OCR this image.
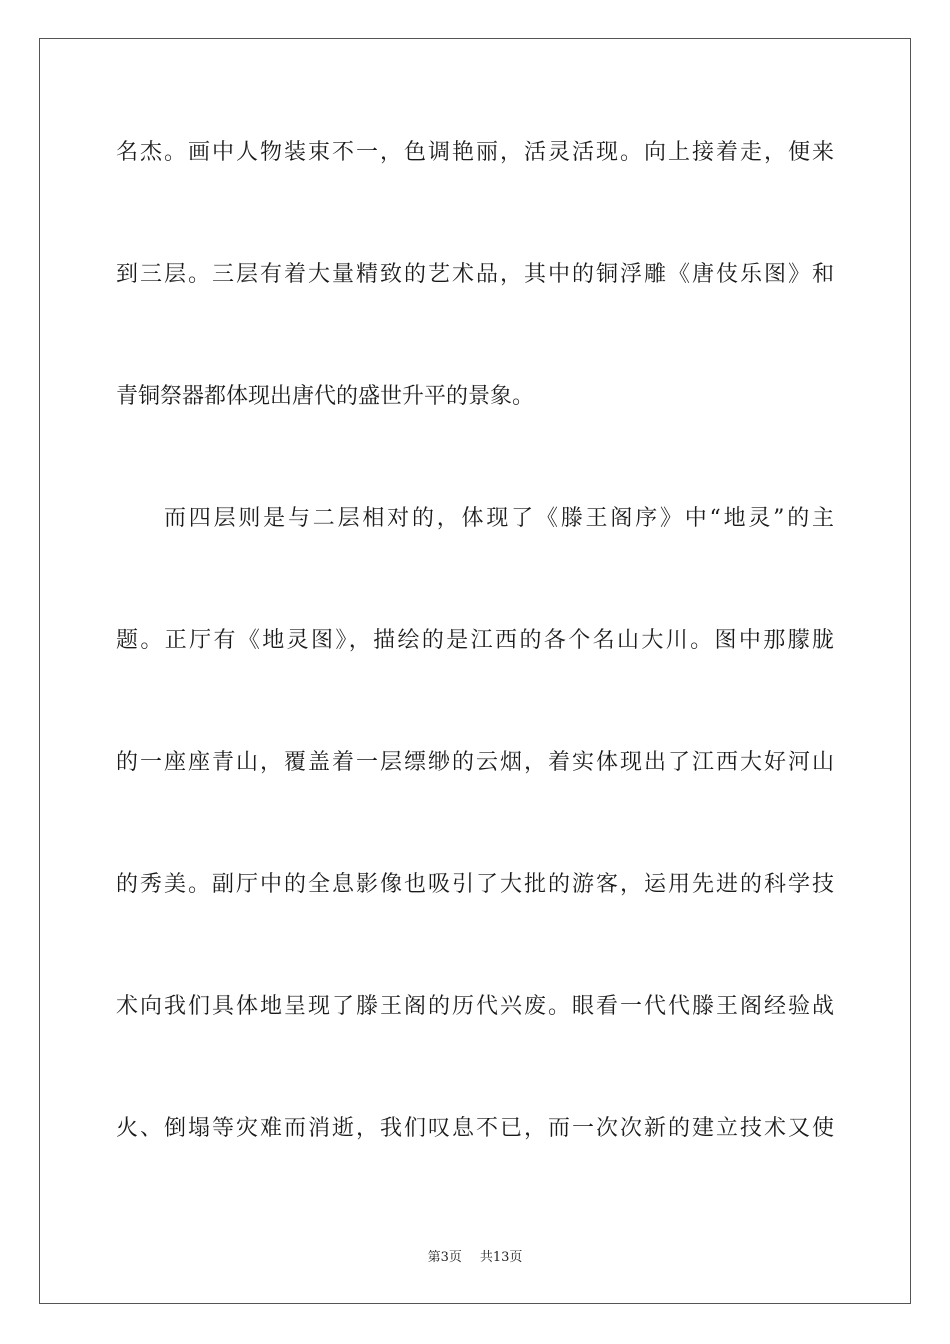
名杰。画中人物装束不一，色调艳丽，活灵活现。向上接着走，便来
到三层。三层有着大量精致的艺术品，其中的铜浮雕《唐伎乐图》和
青铜祭器都体现出唐代的盛世升平的景象。
而四层则是与二层相对的，体现了《滕王阁序》中“地灵”的主
题。正厅有《地灵图》，描绘的是江西的各个名山大川。图中那朦胧
的一座座青山，覆盖着一层缥缈的云烟，着实体现出了江西大好河山
的秀美。副厅中的全息影像也吸引了大批的游客，运用先进的科学技
术向我们具体地呈现了滕王阁的历代兴废。眼看一代代滕王阁经验战
火、倒塌等灾难而消逝，我们叹息不已，而一次次新的建立技术又使
第3页 共13页
